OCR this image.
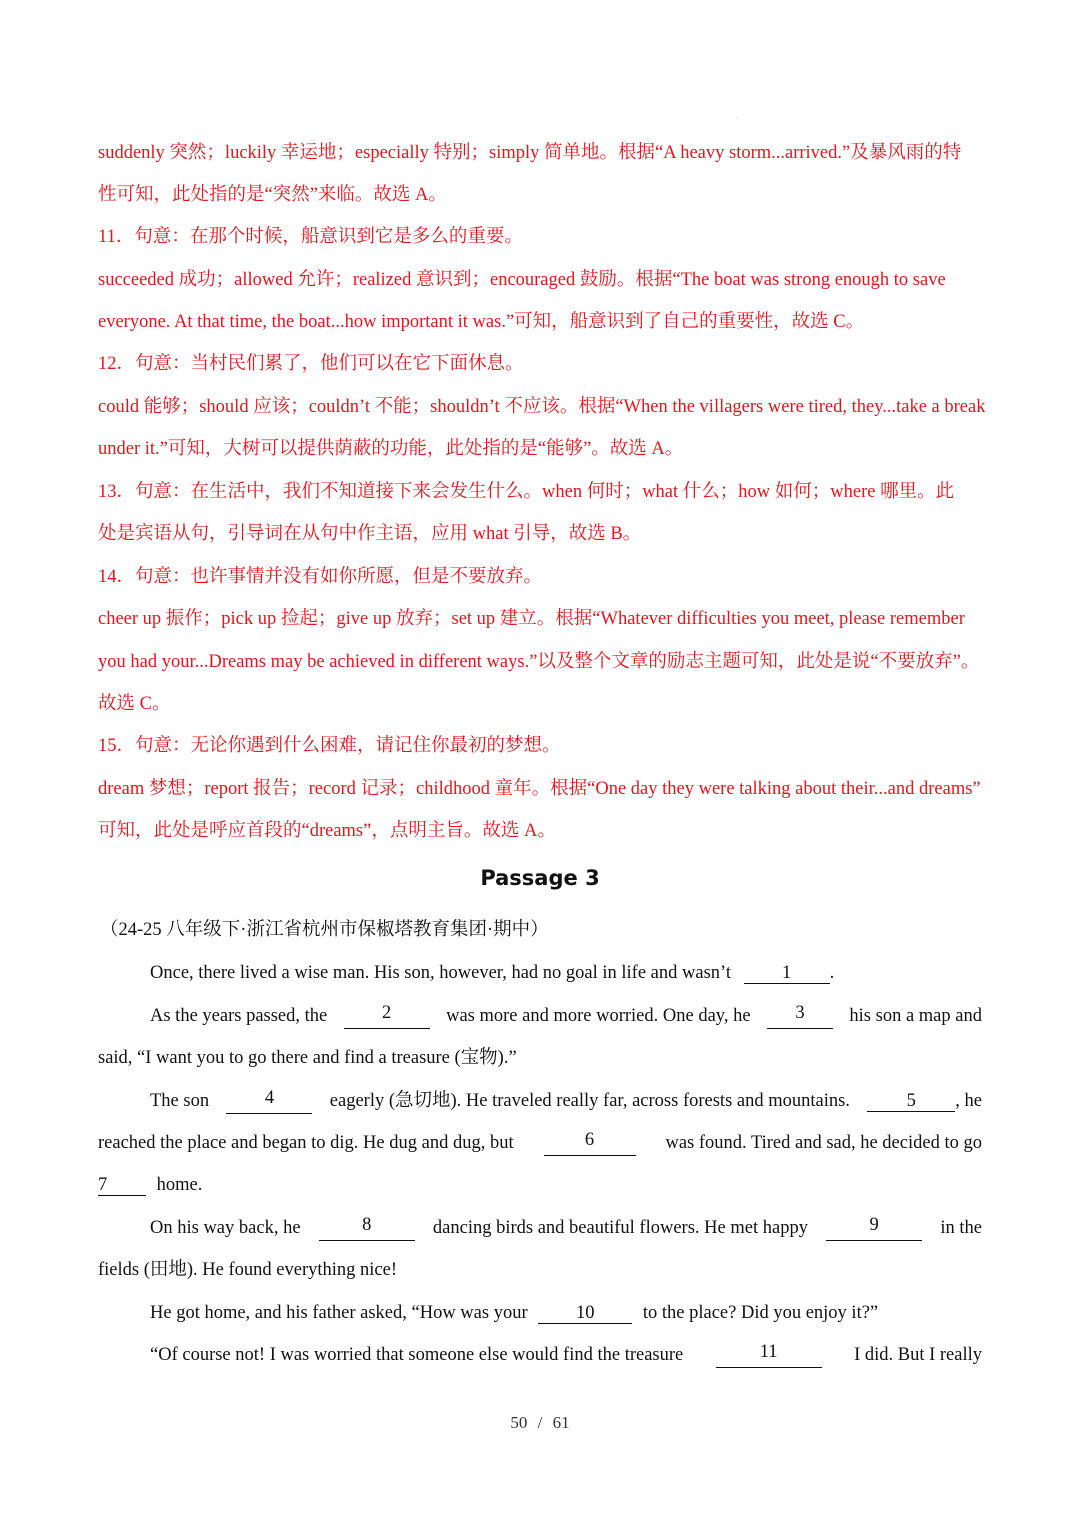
·
suddenly 突然；luckily 幸运地；especially 特别；simply 简单地。根据“A heavy storm...arrived.”及暴风雨的特
性可知，此处指的是“突然”来临。故选 A。
11．句意：在那个时候，船意识到它是多么的重要。
succeeded 成功；allowed 允许；realized 意识到；encouraged 鼓励。根据“The boat was strong enough to save
everyone. At that time, the boat...how important it was.”可知，船意识到了自己的重要性，故选 C。
12．句意：当村民们累了，他们可以在它下面休息。
could 能够；should 应该；couldn’t 不能；shouldn’t 不应该。根据“When the villagers were tired, they...take a break
under it.”可知，大树可以提供荫蔽的功能，此处指的是“能够”。故选 A。
13．句意：在生活中，我们不知道接下来会发生什么。when 何时；what 什么；how 如何；where 哪里。此
处是宾语从句，引导词在从句中作主语，应用 what 引导，故选 B。
14．句意：也许事情并没有如你所愿，但是不要放弃。
cheer up 振作；pick up 捡起；give up 放弃；set up 建立。根据“Whatever difficulties you meet, please remember
you had your...Dreams may be achieved in different ways.”以及整个文章的励志主题可知，此处是说“不要放弃”。
故选 C。
15．句意：无论你遇到什么困难，请记住你最初的梦想。
dream 梦想；report 报告；record 记录；childhood 童年。根据“One day they were talking about their...and dreams”
可知，此处是呼应首段的“dreams”，点明主旨。故选 A。
Passage 3
（24-25 八年级下·浙江省杭州市保椒塔教育集团·期中）
Once, there lived a wise man. His son, however, had no goal in life and wasn’t	1 .
As the years passed, the	2	was more and more worried. One day, he	3	his son a map and
said, “I want you to go there and find a treasure (宝物).”
The son	4	eagerly (急切地). He traveled really far, across forests and mountains.	5 , he
reached the place and began to dig. He dug and dug, but	6	was found. Tired and sad, he decided to go
7	home.
On his way back, he	8	dancing birds and beautiful flowers. He met happy	9	in the
fields (田地). He found everything nice!
He got home, and his father asked, “How was your	10	to the place? Did you enjoy it?”
“Of course not! I was worried that someone else would find the treasure	11	I did. But I really
50 / 61
